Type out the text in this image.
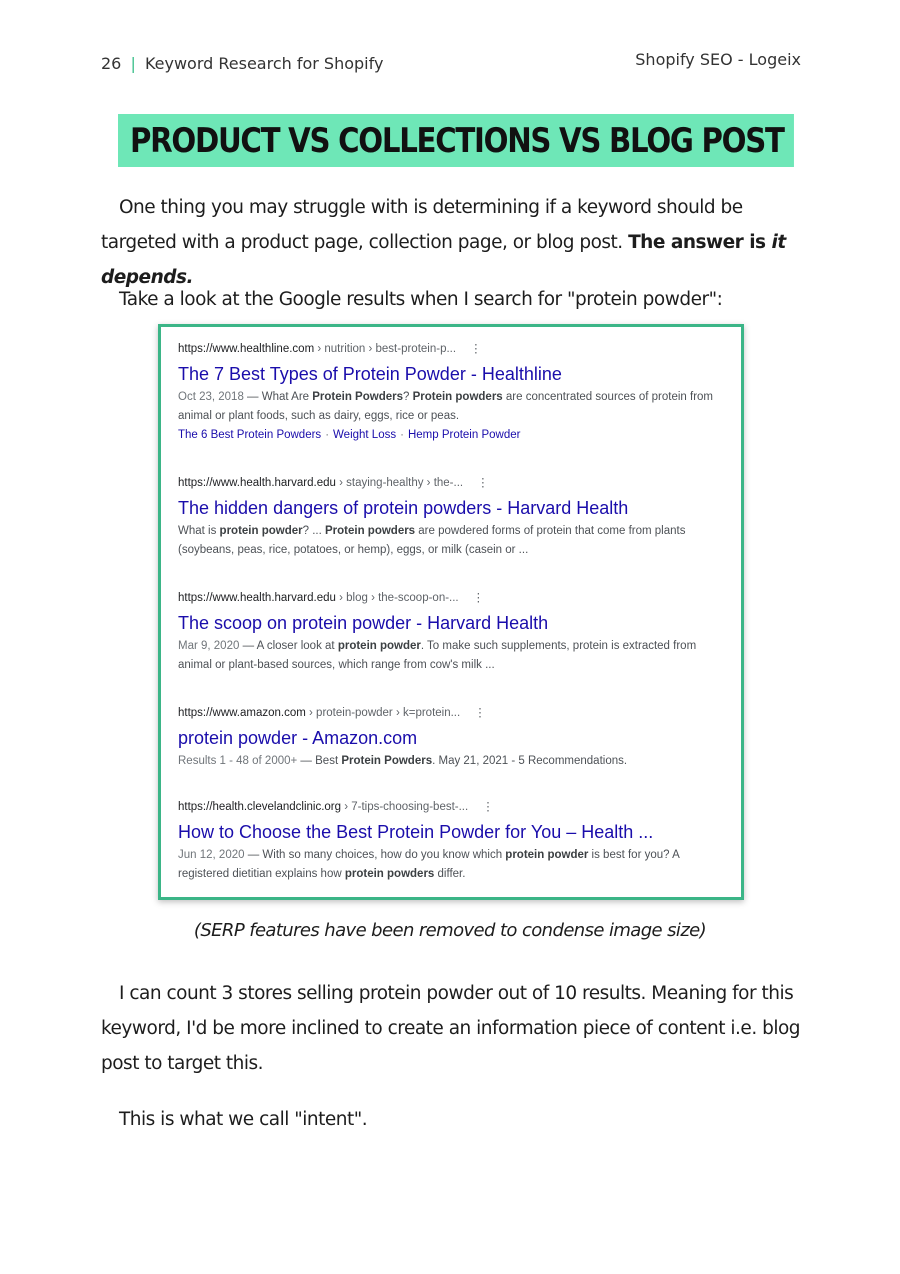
26 | Keyword Research for Shopify	Shopify SEO - Logeix
PRODUCT VS COLLECTIONS VS BLOG POST
One thing you may struggle with is determining if a keyword should be targeted with a product page, collection page, or blog post. The answer is it depends.
Take a look at the Google results when I search for "protein powder":
https://www.healthline.com › nutrition › best-protein-p... ⋮
The 7 Best Types of Protein Powder - Healthline
Oct 23, 2018 — What Are Protein Powders? Protein powders are concentrated sources of protein from animal or plant foods, such as dairy, eggs, rice or peas.
The 6 Best Protein Powders · Weight Loss · Hemp Protein Powder
https://www.health.harvard.edu › staying-healthy › the-... ⋮
The hidden dangers of protein powders - Harvard Health
What is protein powder? ... Protein powders are powdered forms of protein that come from plants (soybeans, peas, rice, potatoes, or hemp), eggs, or milk (casein or ...
https://www.health.harvard.edu › blog › the-scoop-on-... ⋮
The scoop on protein powder - Harvard Health
Mar 9, 2020 — A closer look at protein powder. To make such supplements, protein is extracted from animal or plant-based sources, which range from cow's milk ...
https://www.amazon.com › protein-powder › k=protein... ⋮
protein powder - Amazon.com
Results 1 - 48 of 2000+ — Best Protein Powders. May 21, 2021 - 5 Recommendations.
https://health.clevelandclinic.org › 7-tips-choosing-best-... ⋮
How to Choose the Best Protein Powder for You – Health ...
Jun 12, 2020 — With so many choices, how do you know which protein powder is best for you? A registered dietitian explains how protein powders differ.
(SERP features have been removed to condense image size)
I can count 3 stores selling protein powder out of 10 results. Meaning for this keyword, I'd be more inclined to create an information piece of content i.e. blog post to target this.
This is what we call "intent".
